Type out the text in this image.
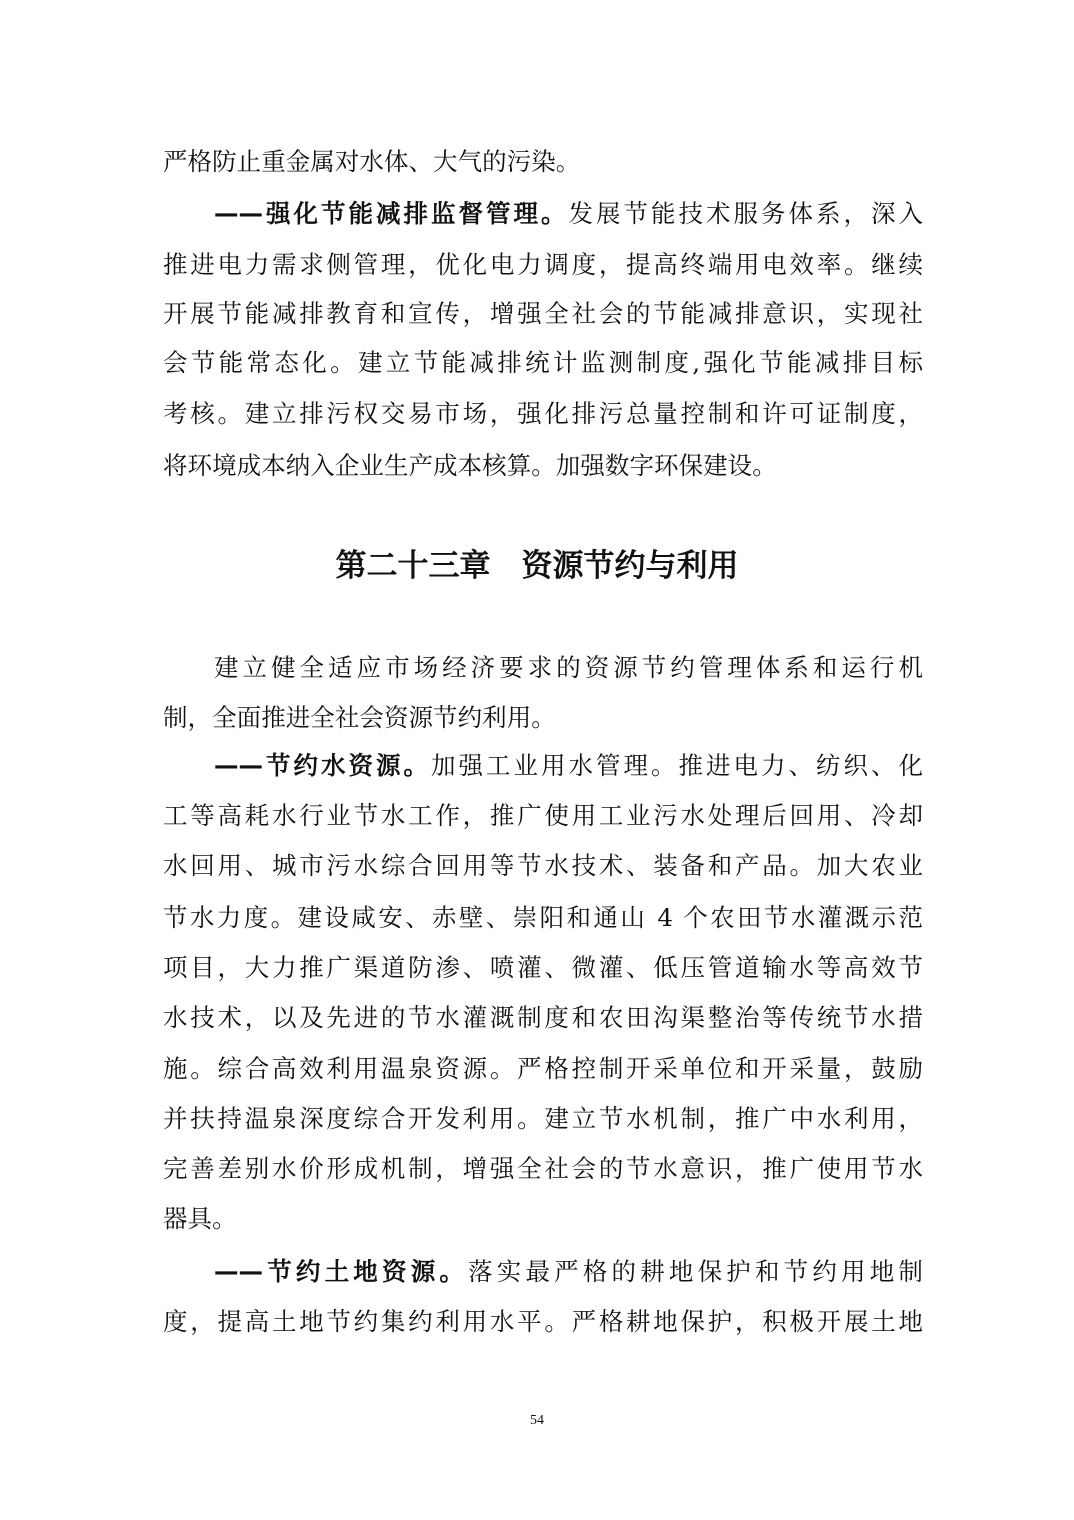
严格防止重金属对水体、大气的污染。
——强化节能减排监督管理。发展节能技术服务体系，深入
推进电力需求侧管理，优化电力调度，提高终端用电效率。继续
开展节能减排教育和宣传，增强全社会的节能减排意识，实现社
会节能常态化。建立节能减排统计监测制度,强化节能减排目标
考核。建立排污权交易市场，强化排污总量控制和许可证制度，
将环境成本纳入企业生产成本核算。加强数字环保建设。
第二十三章　资源节约与利用
建立健全适应市场经济要求的资源节约管理体系和运行机
制，全面推进全社会资源节约利用。
——节约水资源。加强工业用水管理。推进电力、纺织、化
工等高耗水行业节水工作，推广使用工业污水处理后回用、冷却
水回用、城市污水综合回用等节水技术、装备和产品。加大农业
节水力度。建设咸安、赤壁、崇阳和通山 4 个农田节水灌溉示范
项目，大力推广渠道防渗、喷灌、微灌、低压管道输水等高效节
水技术，以及先进的节水灌溉制度和农田沟渠整治等传统节水措
施。综合高效利用温泉资源。严格控制开采单位和开采量，鼓励
并扶持温泉深度综合开发利用。建立节水机制，推广中水利用，
完善差别水价形成机制，增强全社会的节水意识，推广使用节水
器具。
——节约土地资源。落实最严格的耕地保护和节约用地制
度，提高土地节约集约利用水平。严格耕地保护，积极开展土地
54
